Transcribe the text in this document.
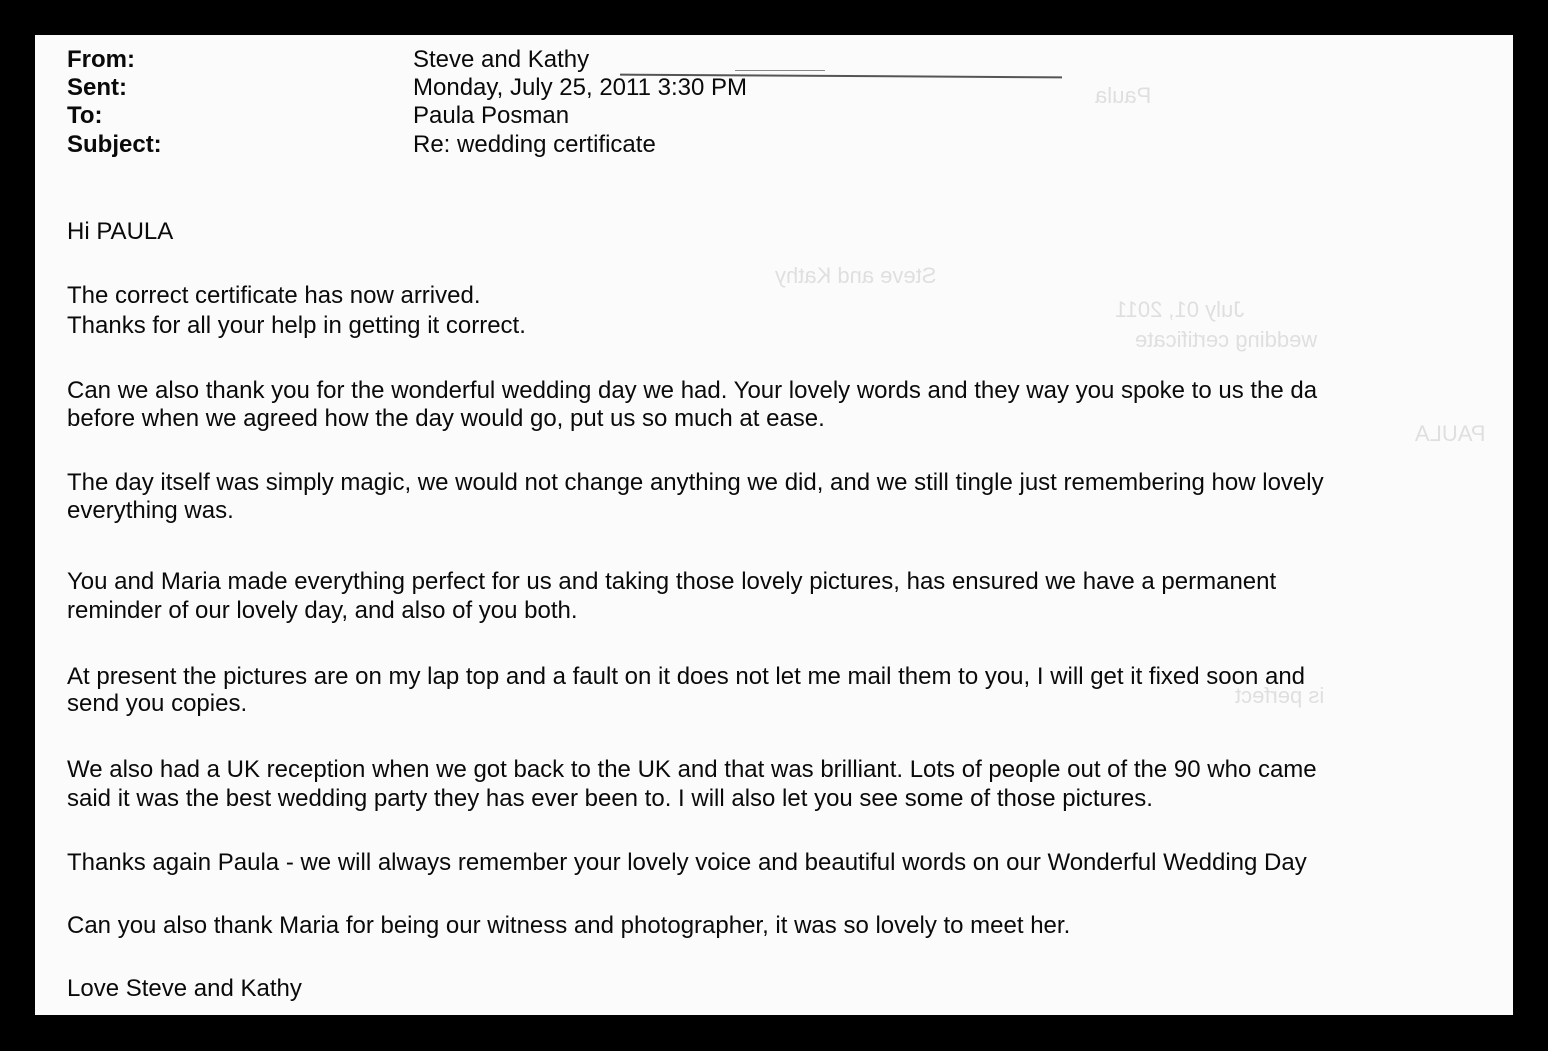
Paula
Steve and Kathy
July 01, 2011
wedding certificate
PAULA
is perfect
From:	Steve and Kathy
Sent:	Monday, July 25, 2011 3:30 PM
To:	Paula Posman
Subject:	Re: wedding certificate
Hi PAULA
The correct certificate has now arrived.
Thanks for all your help in getting it correct.
Can we also thank you for the wonderful wedding day we had. Your lovely words and they way you spoke to us the da
before when we agreed how the day would go, put us so much at ease.
The day itself was simply magic, we would not change anything we did, and we still tingle just remembering how lovely
everything was.
You and Maria made everything perfect for us and taking those lovely pictures, has ensured we have a permanent
reminder of our lovely day, and also of you both.
At present the pictures are on my lap top and a fault on it does not let me mail them to you, I will get it fixed soon and
send you copies.
We also had a UK reception when we got back to the UK and that was brilliant. Lots of people out of the 90 who came
said it was the best wedding party they has ever been to. I will also let you see some of those pictures.
Thanks again Paula - we will always remember your lovely voice and beautiful words on our Wonderful Wedding Day
Can you also thank Maria for being our witness and photographer, it was so lovely to meet her.
Love Steve and Kathy
